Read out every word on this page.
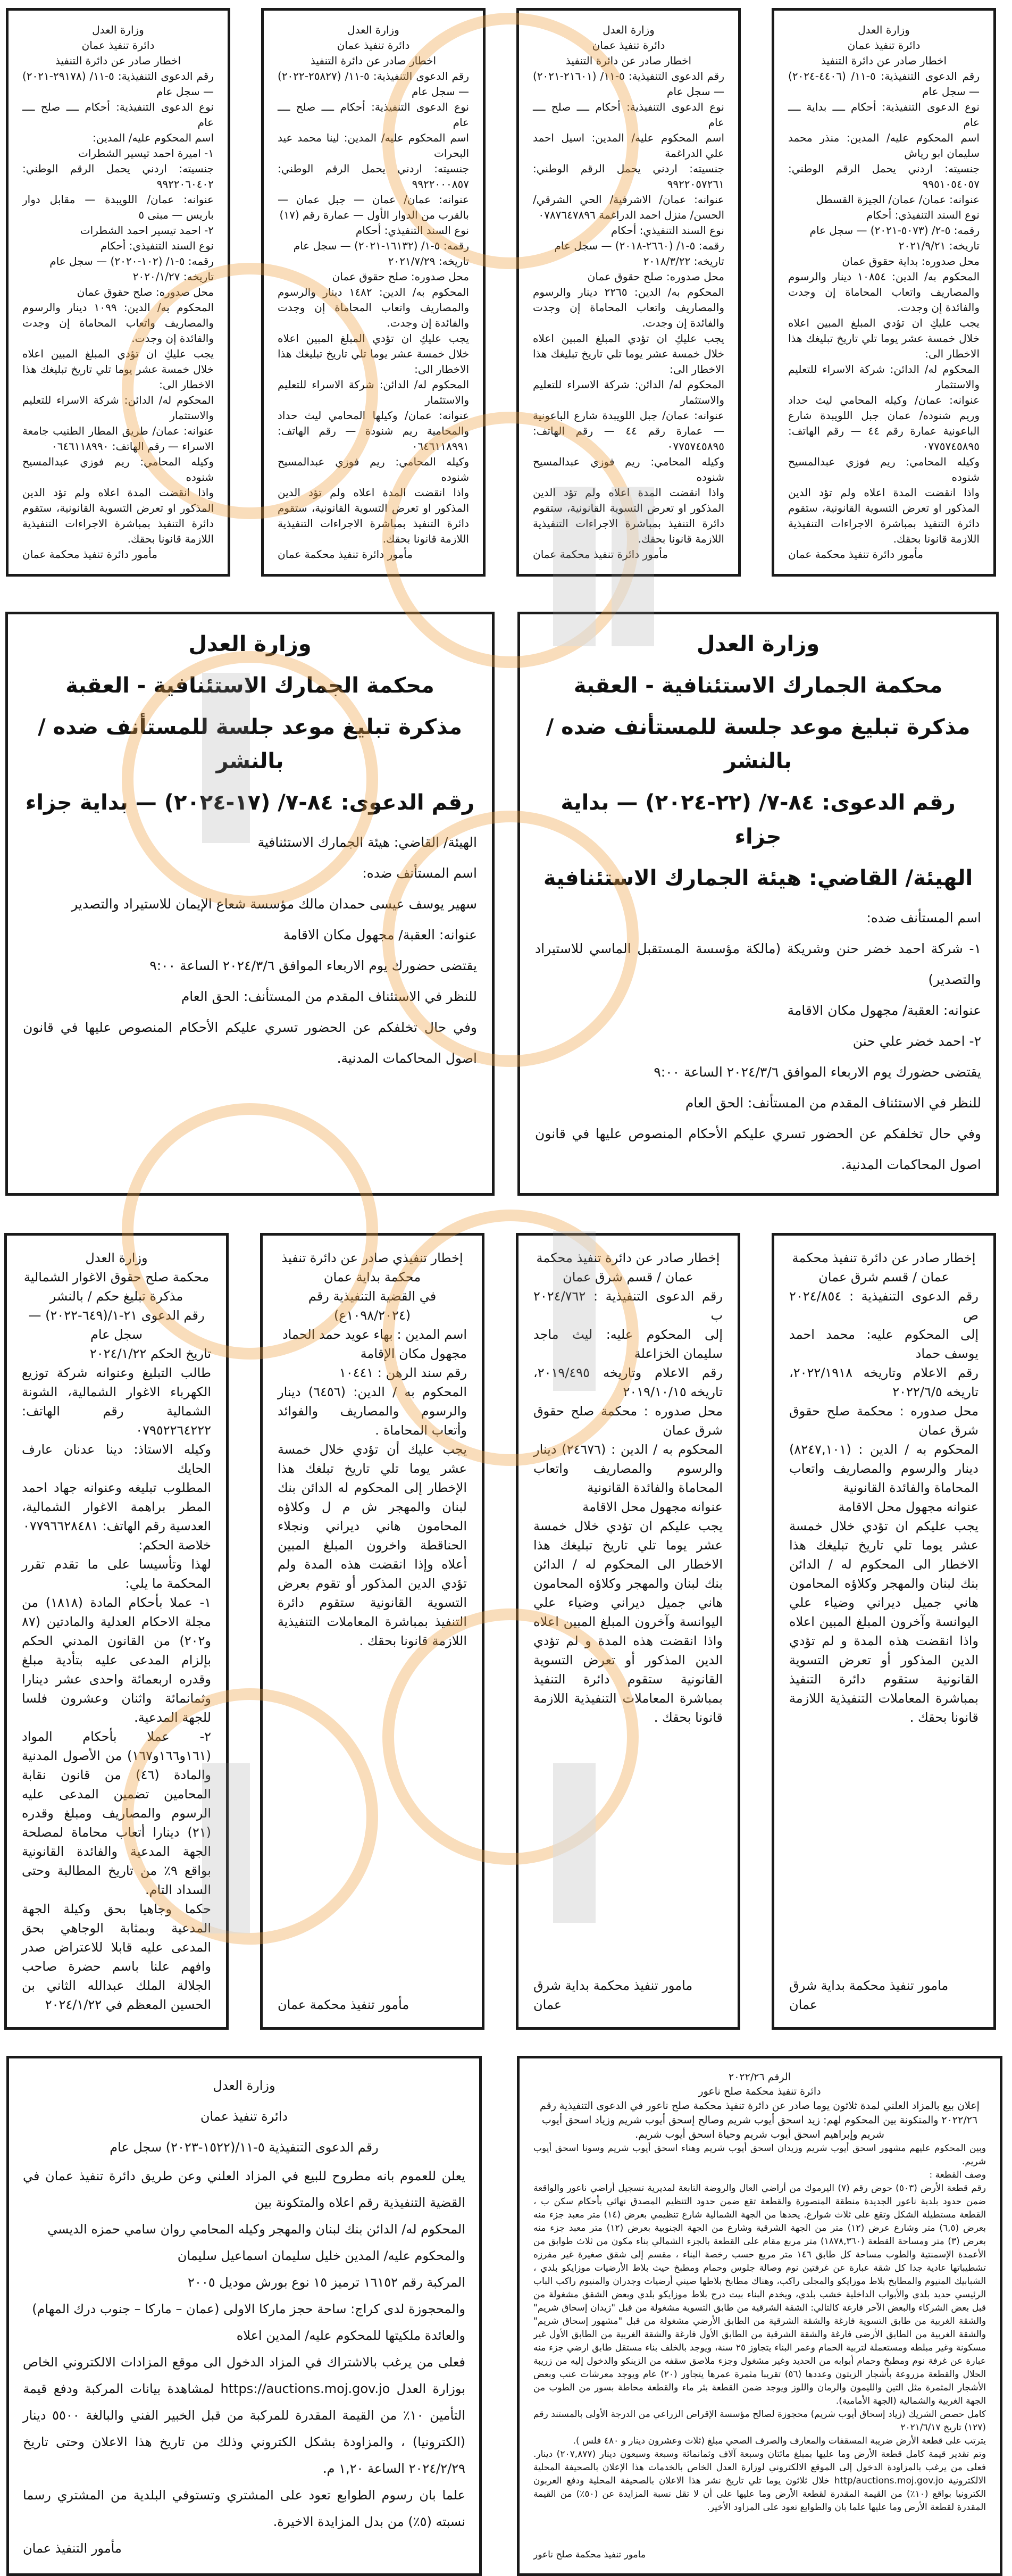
وزارة العدل

دائرة تنفيذ عمان

اخطار صادر عن دائرة التنفيذ

رقم الدعوى التنفيذية: ٥-١١/ (٤٤٠٦-٢٠٢٤) — سجل عام

نوع الدعوى التنفيذية: أحكام ــــ بداية ــــ عام

اسم المحكوم عليه/ المدين: منذر محمد سليمان ابو رياش

جنسيته: اردني يحمل الرقم الوطني: ٩٩٥١٠٥٤٠٥٧

عنوانه: عمان/ عمان/ الجيزة القسطل

نوع السند التنفيذي: أحكام

رقمه: ٥-٢/ (٥٠٧٣-٢٠٢١) — سجل عام

تاريخه: ٢٠٢١/٩/٢١

محل صدوره: بداية حقوق عمان

المحكوم به/ الدين: ١٠٨٥٤ دينار والرسوم والمصاريف واتعاب المحاماة إن وجدت والفائدة إن وجدت.

يجب عليكِ ان تؤدي المبلغ المبين اعلاه خلال خمسة عشر يوما تلي تاريخ تبليغك هذا الاخطار الى:

المحكوم له/ الدائن: شركة الاسراء للتعليم والاستثمار

عنوانه: عمان/ وكيله المحامي ليث حداد وريم شنوده/ عمان جبل اللويبدة شارع الباعونية عمارة رقم ٤٤ — رقم الهاتف: ٠٧٧٥٧٤٥٨٩٥

وكيله المحامي: ريم فوزي عبدالمسيح شنوده

واذا انقضت المدة اعلاه ولم تؤد الدين المذكور او تعرض التسوية القانونية، ستقوم دائرة التنفيذ بمباشرة الاجراءات التنفيذية اللازمة قانونا بحقك.

مأمور دائرة تنفيذ محكمة عمان

وزارة العدل

دائرة تنفيذ عمان

اخطار صادر عن دائرة التنفيذ

رقم الدعوى التنفيذية: ٥-١١/ (٢١٦٠١-٢٠٢١) — سجل عام

نوع الدعوى التنفيذية: أحكام ــــ صلح ــــ عام

اسم المحكوم عليه/ المدين: اسيل احمد علي الدراغمة

جنسيته: اردني يحمل الرقم الوطني: ٩٩٢٢٠٥٧٢٦١

عنوانه: عمان/ الاشرفية/ الحي الشرقي/ الحسن/ منزل احمد الدراغمة ٠٧٨٧٦٤٧٨٩٦

نوع السند التنفيذي: أحكام

رقمه: ٥-١/ (٢٦٦٠-٢٠١٨) — سجل عام

تاريخه: ٢٠١٨/٣/٢٢

محل صدوره: صلح حقوق عمان

المحكوم به/ الدين: ٢٢٦٥ دينار والرسوم والمصاريف واتعاب المحاماة إن وجدت والفائدة إن وجدت.

يجب عليكِ ان تؤدي المبلغ المبين اعلاه خلال خمسة عشر يوما تلي تاريخ تبليغك هذا الاخطار الى:

المحكوم له/ الدائن: شركة الاسراء للتعليم والاستثمار

عنوانه: عمان/ جبل اللويبدة شارع الباعونية — عمارة رقم ٤٤ — رقم الهاتف: ٠٧٧٥٧٤٥٨٩٥

وكيله المحامي: ريم فوزي عبدالمسيح شنوده

واذا انقضت المدة اعلاه ولم تؤد الدين المذكور او تعرض التسوية القانونية، ستقوم دائرة التنفيذ بمباشرة الاجراءات التنفيذية اللازمة قانونا بحقك.

مأمور دائرة تنفيذ محكمة عمان

وزارة العدل

دائرة تنفيذ عمان

اخطار صادر عن دائرة التنفيذ

رقم الدعوى التنفيذية: ٥-١١/ (٢٥٨٢٧-٢٠٢٢) — سجل عام

نوع الدعوى التنفيذية: أحكام ــــ صلح ــــ عام

اسم المحكوم عليه/ المدين: لينا محمد عيد البحرات

جنسيته: اردني يحمل الرقم الوطني: ٩٩٢٢٠٠٠٨٥٧

عنوانه: عمان/ عمان — جبل عمان — بالقرب من الدوار الأول — عمارة رقم (١٧)

نوع السند التنفيذي: أحكام

رقمه: ٥-١/ (١٦١٣٢-٢٠٢١) — سجل عام

تاريخه: ٢٠٢١/٧/٢٩

محل صدوره: صلح حقوق عمان

المحكوم به/ الدين: ١٤٨٢ دينار والرسوم والمصاريف واتعاب المحاماة إن وجدت والفائدة إن وجدت.

يجب عليكِ ان تؤدي المبلغ المبين اعلاه خلال خمسة عشر يوما تلي تاريخ تبليغك هذا الاخطار الى:

المحكوم له/ الدائن: شركة الاسراء للتعليم والاستثمار

عنوانه: عمان/ وكيلها المحامي ليث حداد والمحامية ريم شنودة — رقم الهاتف: ٠٦٤٦١١٨٩٩١

وكيله المحامي: ريم فوزي عبدالمسيح شنوده

واذا انقضت المدة اعلاه ولم تؤد الدين المذكور او تعرض التسوية القانونية، ستقوم دائرة التنفيذ بمباشرة الاجراءات التنفيذية اللازمة قانونا بحقك.

مأمور دائرة تنفيذ محكمة عمان

وزارة العدل

دائرة تنفيذ عمان

اخطار صادر عن دائرة التنفيذ

رقم الدعوى التنفيذية: ٥-١١/ (٢٩١٧٨-٢٠٢١) — سجل عام

نوع الدعوى التنفيذية: أحكام ــــ صلح ــــ عام

اسم المحكوم عليه/ المدين:

١- اميرة احمد تيسير الشطرات

جنسيته: اردني يحمل الرقم الوطني: ٩٩٢٢٠٦٠٤٠٢

عنوانه: عمان/ اللويبدة — مقابل دوار باريس — مبنى ٥

٢- احمد تيسير احمد الشطرات

نوع السند التنفيذي: أحكام

رقمه: ٥-١/ (١٠٢-٢٠٢٠) — سجل عام

تاريخه: ٢٠٢٠/١/٢٧

محل صدوره: صلح حقوق عمان

المحكوم به/ الدين: ١٠٩٩ دينار والرسوم والمصاريف واتعاب المحاماة إن وجدت والفائدة إن وجدت.

يجب عليكِ ان تؤدي المبلغ المبين اعلاه خلال خمسة عشر يوما تلي تاريخ تبليغك هذا الاخطار الى:

المحكوم له/ الدائن: شركة الاسراء للتعليم والاستثمار

عنوانه: عمان/ طريق المطار الطنيب جامعة الاسراء — رقم الهاتف: ٠٦٤٦١١٨٩٩٠

وكيله المحامي: ريم فوزي عبدالمسيح شنوده

واذا انقضت المدة اعلاه ولم تؤد الدين المذكور او تعرض التسوية القانونية، ستقوم دائرة التنفيذ بمباشرة الاجراءات التنفيذية اللازمة قانونا بحقك.

مأمور دائرة تنفيذ محكمة عمان

وزارة العدل

محكمة الجمارك الاستئنافية - العقبة

مذكرة تبليغ موعد جلسة للمستأنف ضده / بالنشر

رقم الدعوى: ٨٤-٧/ (٢٢-٢٠٢٤) — بداية جزاء

الهيئة/ القاضي: هيئة الجمارك الاستئنافية

اسم المستأنف ضده:

١- شركة احمد خضر حنن وشريكة (مالكة مؤسسة المستقبل الماسي للاستيراد والتصدير)

عنوانه: العقبة/ مجهول مكان الاقامة

٢- احمد خضر علي حنن

يقتضى حضورك يوم الاربعاء الموافق ٢٠٢٤/٣/٦ الساعة ٩:٠٠

للنظر في الاستئناف المقدم من المستأنف: الحق العام

وفي حال تخلفكم عن الحضور تسري عليكم الأحكام المنصوص عليها في قانون اصول المحاكمات المدنية.

وزارة العدل

محكمة الجمارك الاستئنافية - العقبة

مذكرة تبليغ موعد جلسة للمستأنف ضده / بالنشر

رقم الدعوى: ٨٤-٧/ (١٧-٢٠٢٤) — بداية جزاء

الهيئة/ القاضي: هيئة الجمارك الاستئنافية

اسم المستأنف ضده:

سهير يوسف عيسى حمدان مالك مؤسسة شعاع الإيمان للاستيراد والتصدير

عنوانه: العقبة/ مجهول مكان الاقامة

يقتضى حضورك يوم الاربعاء الموافق ٢٠٢٤/٣/٦ الساعة ٩:٠٠

للنظر في الاستئناف المقدم من المستأنف: الحق العام

وفي حال تخلفكم عن الحضور تسري عليكم الأحكام المنصوص عليها في قانون اصول المحاكمات المدنية.

إخطار صادر عن دائرة تنفيذ محكمة عمان / قسم شرق عمان

رقم الدعوى التنفيذية : ٢٠٢٤/٨٥٤ ص

إلى المحكوم عليه: محمد احمد يوسف حماد

رقم الاعلام وتاريخه ٢٠٢٢/١٩١٨، تاريخه ٢٠٢٢/٦/٥

محل صدوره : محكمة صلح حقوق شرق عمان

المحكوم به / الدين : (٨٢٤٧,١٠١) دينار والرسوم والمصاريف واتعاب المحاماة والفائدة القانونية

عنوانه مجهول محل الاقامة

يجب عليكم ان تؤدي خلال خمسة عشر يوما تلي تاريخ تبليغك هذا الاخطار الى المحكوم له / الدائن بنك لبنان والمهجر وكلاؤه المحامون هاني جميل ديراني وضياء علي اليوانسة وآخرون المبلغ المبين اعلاه واذا انقضت هذه المدة و لم تؤدي الدين المذكور أو تعرض التسوية القانونية ستقوم دائرة التنفيذ بمباشرة المعاملات التنفيذية اللازمة قانونا بحقك .

مامور تنفيذ محكمة بداية شرق عمان

إخطار صادر عن دائرة تنفيذ محكمة عمان / قسم شرق عمان

رقم الدعوى التنفيذية : ٢٠٢٤/٧٦٢ ب

إلى المحكوم عليه: ليث ماجد سليمان الخزاعلة

رقم الاعلام وتاريخه ٢٠١٩/٤٩٥، تاريخه ٢٠١٩/١٠/١٥

محل صدوره : محكمة صلح حقوق شرق عمان

المحكوم به / الدين : (٢٤٦٧٦) دينار والرسوم والمصاريف واتعاب المحاماة والفائدة القانونية

عنوانه مجهول محل الاقامة

يجب عليكم ان تؤدي خلال خمسة عشر يوما تلي تاريخ تبليغك هذا الاخطار الى المحكوم له / الدائن بنك لبنان والمهجر وكلاؤه المحامون هاني جميل ديراني وضياء علي اليوانسة وآخرون المبلغ المبين اعلاه واذا انقضت هذه المدة و لم تؤدي الدين المذكور أو تعرض التسوية القانونية ستقوم دائرة التنفيذ بمباشرة المعاملات التنفيذية اللازمة قانونا بحقك .

مامور تنفيذ محكمة بداية شرق عمان

إخطار تنفيذي صادر عن دائرة تنفيذ محكمة بداية عمان

في القضية التنفيذية رقم

(١٠٩٨/٢٠٢٤ع)

اسم المدين : بهاء عويد حمد الحماد

مجهول مكان الإقامة

رقم سند الرهن : ١٠٤٤١

المحكوم به / الدين: (٦٤٥٦) دينار والرسوم والمصاريف والفوائد وأتعاب المحاماة .

يجب عليك أن تؤدي خلال خمسة عشر يوما تلي تاريخ تبلغك هذا الإخطار إلى المحكوم له الدائن بنك لبنان والمهجر ش م ل وكلاؤه المحامون هاني ديراني ونجلاء الحناقطة واخرون المبلغ المبين أعلاه وإذا انقضت هذه المدة ولم تؤدي الدين المذكور أو تقوم بعرض التسوية القانونية ستقوم دائرة التنفيذ بمباشرة المعاملات التنفيذية اللازمة قانونا بحقك .

مأمور تنفيذ محكمة عمان

وزارة العدل

محكمة صلح حقوق الاغوار الشمالية

مذكرة تبليغ حكم / بالنشر

رقم الدعوى ٢١-١/(٦٤٩-٢٠٢٢) — سجل عام

تاريخ الحكم ٢٠٢٤/١/٢٢

طالب التبليغ وعنوانه شركة توزيع الكهرباء الاغوار الشمالية، الشونة الشمالية رقم الهاتف: ٠٧٩٥٢٢٦٤٢٢٢

وكيله الاستاذ: دينا عدنان عارف الحايك

المطلوب تبليغه وعنوانه جهاد احمد المطر براهمة الاغوار الشمالية، العدسية رقم الهاتف: ٠٧٧٩٦٦٢٨٤٨١

خلاصة الحكم:

لهذا وتأسيسا على ما تقدم تقرر المحكمة ما يلي:

١- عملا بأحكام المادة (١٨١٨) من مجلة الاحكام العدلية والمادتين (٨٧ و٢٠٢) من القانون المدني الحكم بإلزام المدعى عليه بتأدية مبلغ وقدره اربعمائة واحدى عشر دينارا وثمانمائة واثنان وعشرون فلسا للجهة المدعية.

٢- عملا بأحكام المواد (١٦١و١٦٦و١٦٧) من الأصول المدنية والمادة (٤٦) من قانون نقابة المحامين تضمين المدعى عليه الرسوم والمصاريف ومبلغ وقدره (٢١) دينارا أتعاب محاماة لمصلحة الجهة المدعية والفائدة القانونية بواقع ٩٪ من تاريخ المطالبة وحتى السداد التام.

حكما وجاهيا بحق وكيلة الجهة المدعية وبمثابة الوجاهي بحق المدعى عليه قابلا للاعتراض صدر وافهم علنا باسم حضرة صاحب الجلالة الملك عبدالله الثاني بن الحسين المعظم في ٢٠٢٤/١/٢٢

الرقم ٢٠٢٢/٢٦

دائرة تنفيذ محكمة صلح ناعور

إعلان بيع بالمزاد العلني لمدة ثلاثون يوما صادر عن دائرة تنفيذ محكمة صلح ناعور في الدعوى التنفيذية رقم ٢٠٢٢/٢٦ والمتكونة بين المحكوم لهم: زيد اسحق أيوب شريم وصالح إسحق أيوب شريم وزياد اسحق أيوب شريم وإبراهيم اسحق أيوب شريم وحياة اسحق أيوب شريم.

وبين المحكوم عليهم مشهور اسحق أيوب شريم وزيدان اسحق أيوب شريم وهناء اسحق أيوب شريم وسونا اسحق أيوب شريم.

وصف القطعة :

رقم قطعة الأرض (٥٠٣) حوض رقم (٧) اليرموك من أراضي العال والروضة التابعة لمديرية تسجيل أراضي ناعور والواقعة ضمن حدود بلدية ناعور الجديدة منطقة المنصورة والقطعة تقع ضمن حدود التنظيم المصدق نهائي بأحكام سكن ب ، القطعة مستطيلة الشكل وتقع على ثلاث شوارع. يحدها من الجهة الشمالية شارع تنظيمي بعرض (١٤) متر معبد جزء منه بعرض (٦,٥) متر وشارع عرض (١٢) متر من الجهة الشرقية وشارع من الجهة الجنوبية بعرض (١٢) متر معبد جزء منه بعرض (٣) متر ومساحة القطعة (١٨٧٨,٣٦٠) متر مربع مقام على القطعة بالجزء الشمالي بناء مكون من ثلاث طوابق من الأعمدة الإسمنتية والطوب مساحة كل طابق ١٤٦ متر مربع حسب رخصة البناء ، مقسم إلى شقق صغيرة غير مفرزه تشطيباتها عادية جدا كل شقة عبارة عن غرفتين نوم وصالة جلوس وحمام ومطبخ حيث بلاط الأرضيات موزايكو بلدي ، الشبابيك المنيوم والمطابخ بلاط موزايكو والمجلى راكب، وهناك مطابخ بلاطها صيني أرضيات وجدران والمنيوم راكب الباب الرئيسي حديد بلدي والأبواب الداخلية خشب بلدي، ويخدم البناء بيت درج بلاط موزايكو بلدي وبعض الشقق مشغولة من قبل بعض الشركاء والبعض الآخر فارغة كالتالي: الشقة الشرقية من طابق التسوية مشغولة من قبل "زيدان إسحاق شريم" والشقة الغربية من طابق التسوية فارغة والشقة الشرقية من الطابق الأرضي مشغولة من قبل "مشهور إسحاق شريم" والشقة الغربية من الطابق الأرضي فارغة والشقة الشرقية من الطابق الأول فارغة والشقة الغربية من الطابق الأول غير مسكونة وغير مبلطه ومستعملة لتربية الحمام وعمر البناء يتجاوز ٢٥ سنة، ويوجد بالخلف بناء مستقل طابق ارضي جزء منه عبارة عن غرفة نوم ومطبخ وحمام أبوابه من الحديد وغير مشغول وجزء ملاصق سقفه من الزينكو والدخول إليه من زريبة الحلال والقطعة مزروعة بأشجار الزيتون وعددها (٥٦) تقريبا مثمرة عمرها يتجاوز (٢٠) عام ويوجد معرشات عنب وبعض الأشجار المثمرة مثل التين والليمون والرمان واللوز ويوجد ضمن القطعة بئر ماء والقطعة محاطة بسور من الطوب من الجهة الغربية والشمالية (الجهة الأمامية).

كامل حصص الشريك (زياد إسحاق أيوب شريم) محجوزة لصالح مؤسسة الإقراض الزراعي من الدرجة الأولى بالمستند رقم (١٢٧) تاريخ ٢٠٢١/٦/١٧

يترتب على قطعة الأرض ضريبة المسقفات والمعارف والصرف الصحي مبلغ (ثلاث وعشرون دينار و ٤٨٠ فلس ).

وتم تقدير قيمة كامل قطعة الأرض وما عليها بمبلغ مائتان وسبعة آلاف وثمانمائة وسبعة وسبعون دينار (٢٠٧,٨٧٧) دينار. فعلى من يرغب بالمزاودة الدخول إلى الموقع الالكتروني لوزارة العدل الخاص بالخدمات هذا الإعلان بالصحيفة المحلية الالكترونية http/auctions.moj.gov.jo خلال ثلاثون يوما تلي تاريخ نشر هذا الاعلان بالصحيفة المحلية ودفع العربون الكترونيا بواقع (١٠٪) من القيمة المقدرة لقطعة الأرض وما عليها على أن لا تقل نسبة المزايدة عن (٥٠٪) من القيمة المقدرة لقطعة الأرض وما عليها علما بان والطوابع تعود على المزاود الأخير.

مامور تنفيذ محكمة صلح ناعور

وزارة العدل

دائرة تنفيذ عمان

رقم الدعوى التنفيذية ٥-١١/(١٥٢٢-٢٠٢٣) سجل عام

يعلن للعموم بانه مطروح للبيع في المزاد العلني وعن طريق دائرة تنفيذ عمان في القضية التنفيذية رقم اعلاه والمتكونة بين

المحكوم له/ الدائن بنك لبنان والمهجر وكيله المحامي روان سامي حمزه الديسي

والمحكوم عليه/ المدين خليل سليمان اسماعيل سليمان

المركبة رقم ١٦١٥٢ ترميز ١٥ نوع بورش موديل ٢٠٠٥

والمحجوزة لدى كراج: ساحة حجز ماركا الاولى (عمان – ماركا – جنوب درك المهام)

والعائدة ملكيتها للمحكوم عليه/ المدين اعلاه

فعلى من يرغب بالاشتراك في المزاد الدخول الى موقع المزادات الالكتروني الخاص بوزارة العدل https://auctions.moj.gov.jo لمشاهدة بيانات المركبة ودفع قيمة التأمين ١٠٪ من القيمة المقدرة للمركبة من قبل الخبير الفني والبالغة ٥٥٠٠ دينار (الكترونيا) ، والمزاودة بشكل الكتروني وذلك من تاريخ هذا الاعلان وحتى تاريخ ٢٠٢٤/٢/٢٩ الساعة ١,٢٠ م.

علما بان رسوم الطوابع تعود على المشتري وتستوفي البلدية من المشتري رسما نسبته (٥٪) من بدل المزايدة الاخيرة.

مأمور التنفيذ عمان
